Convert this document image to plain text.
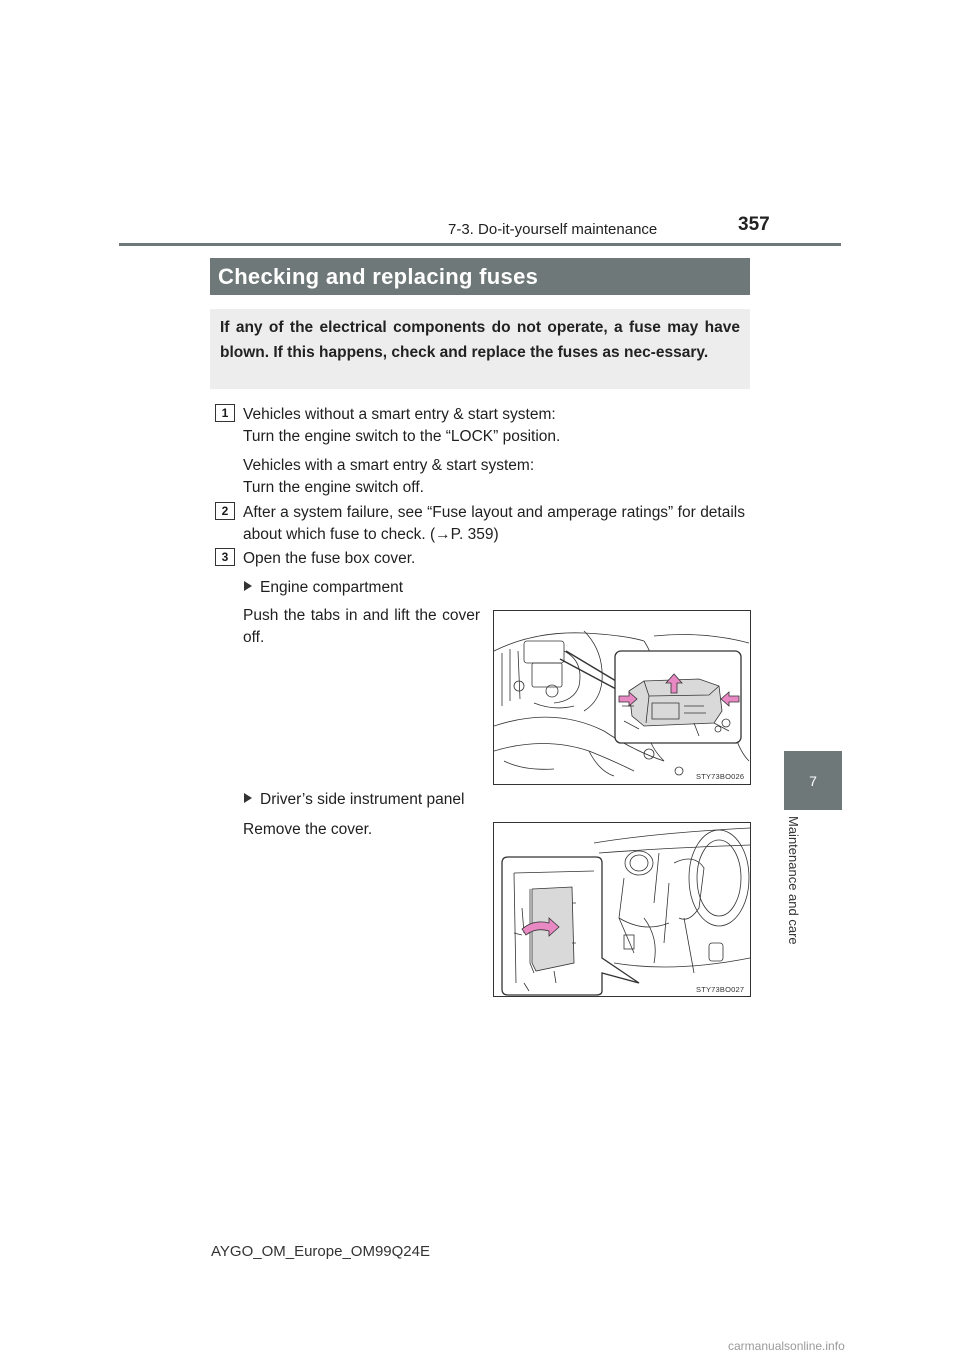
7-3. Do-it-yourself maintenance	357
7
Maintenance and care
Checking and replacing fuses
If any of the electrical components do not operate, a fuse may have blown. If this happens, check and replace the fuses as nec-essary.
1 Vehicles without a smart entry & start system:
Turn the engine switch to the “LOCK” position.
Vehicles with a smart entry & start system:
Turn the engine switch off.
2 After a system failure, see “Fuse layout and amperage ratings” for details about which fuse to check. (→P. 359)
3 Open the fuse box cover.
Engine compartment
Push the tabs in and lift the cover off.
STY73BO026
Driver’s side instrument panel
Remove the cover.
STY73BO027
AYGO_OM_Europe_OM99Q24E
carmanualsonline.info
